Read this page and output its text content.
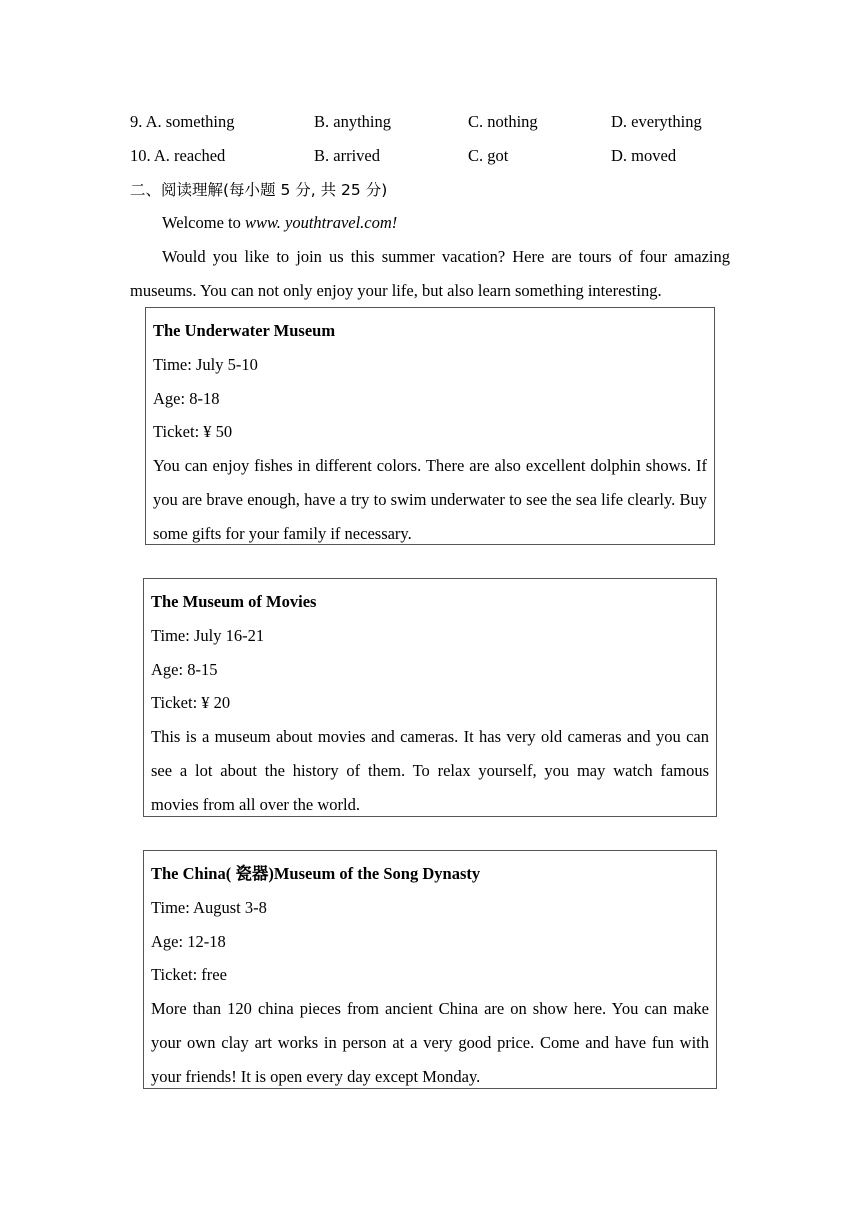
9. A. something	B. anything	C. nothing	D. everything
10. A. reached	B. arrived	C. got	D. moved
二、阅读理解(每小题 5 分, 共 25 分)
Welcome to www. youthtravel.com!
Would you like to join us this summer vacation? Here are tours of four amazing museums. You can not only enjoy your life, but also learn something interesting.
The Underwater Museum
Time: July 5-10
Age: 8-18
Ticket: ¥ 50
You can enjoy fishes in different colors. There are also excellent dolphin shows. If you are brave enough, have a try to swim underwater to see the sea life clearly. Buy some gifts for your family if necessary.
The Museum of Movies
Time: July 16-21
Age: 8-15
Ticket: ¥ 20
This is a museum about movies and cameras. It has very old cameras and you can see a lot about the history of them. To relax yourself, you may watch famous movies from all over the world.
The China( 瓷器)Museum of the Song Dynasty
Time: August 3-8
Age: 12-18
Ticket: free
More than 120 china pieces from ancient China are on show here. You can make your own clay art works in person at a very good price. Come and have fun with your friends! It is open every day except Monday.
